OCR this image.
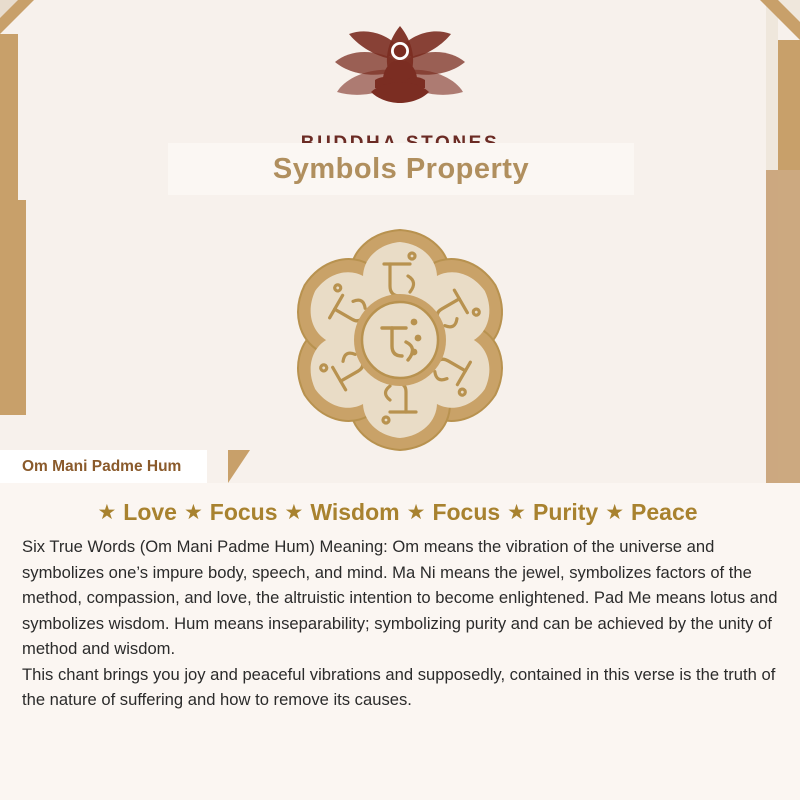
Symbols Property
Om Mani Padme Hum
★ Love ★ Focus ★ Wisdom ★ Focus ★ Purity ★ Peace

Six True Words (Om Mani Padme Hum) Meaning: Om means the vibration of the universe and symbolizes one’s impure body, speech, and mind. Ma Ni means the jewel, symbolizes factors of the method, compassion, and love, the altruistic intention to become enlightened. Pad Me means lotus and symbolizes wisdom. Hum means inseparability; symbolizing purity and can be achieved by the unity of method and wisdom.

This chant brings you joy and peaceful vibrations and supposedly, contained in this verse is the truth of the nature of suffering and how to remove its causes.
